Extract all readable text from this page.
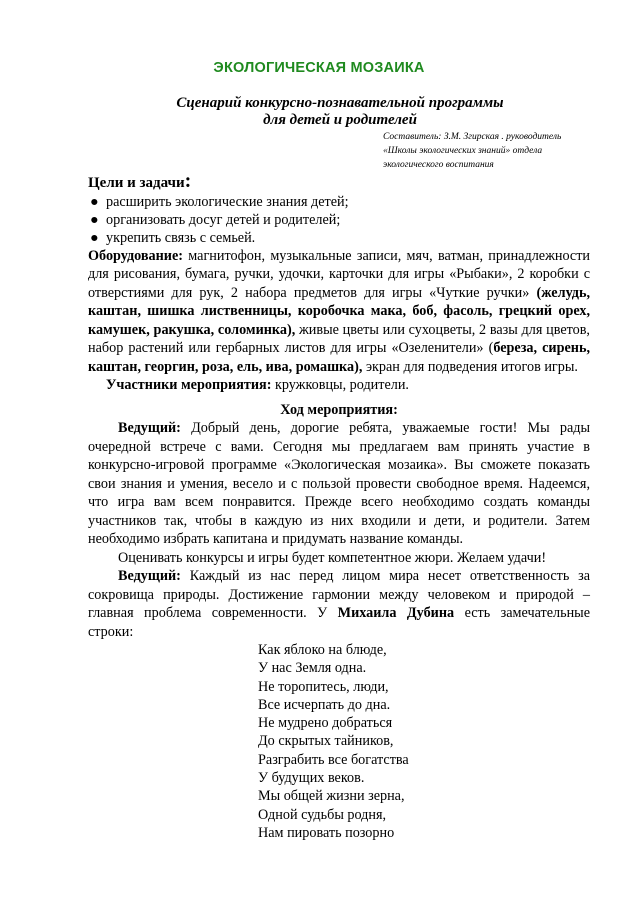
ЭКОЛОГИЧЕСКАЯ МОЗАИКА
Сценарий конкурсно-познавательной программы
для детей и родителей
Составитель: З.М. Згирская . руководитель
«Школы экологических знаний» отдела
экологического воспитания

Цели и задачи:

● расширить экологические знания детей;
● организовать досуг детей и родителей;
● укрепить связь с семьей.

Оборудование: магнитофон, музыкальные записи, мяч, ватман, принадлежности для рисования, бумага, ручки, удочки, карточки для игры «Рыбаки», 2 коробки с отверстиями для рук, 2 набора предметов для игры «Чуткие ручки» (желудь, каштан, шишка лиственницы, коробочка мака, боб, фасоль, грецкий орех, камушек, ракушка, соломинка), живые цветы или сухоцветы, 2 вазы для цветов, набор растений или гербарных листов для игры «Озеленители» (береза, сирень, каштан, георгин, роза, ель, ива, ромашка), экран для подведения итогов игры.

Участники мероприятия: кружковцы, родители.

Ход мероприятия:

Ведущий: Добрый день, дорогие ребята, уважаемые гости! Мы рады очередной встрече с вами. Сегодня мы предлагаем вам принять участие в конкурсно-игровой программе «Экологическая мозаика». Вы сможете показать свои знания и умения, весело и с пользой провести свободное время. Надеемся, что игра вам всем понравится. Прежде всего необходимо создать команды участников так, чтобы в каждую из них входили и дети, и родители. Затем необходимо избрать капитана и придумать название команды.

Оценивать конкурсы и игры будет компетентное жюри. Желаем удачи!

Ведущий: Каждый из нас перед лицом мира несет ответственность за сокровища природы. Достижение гармонии между человеком и природой – главная проблема современности. У Михаила Дубина есть замечательные строки:

Как яблоко на блюде,
У нас Земля одна.
Не торопитесь, люди,
Все исчерпать до дна.
Не мудрено добраться
До скрытых тайников,
Разграбить все богатства
У будущих веков.
Мы общей жизни зерна,
Одной судьбы родня,
Нам пировать позорно
